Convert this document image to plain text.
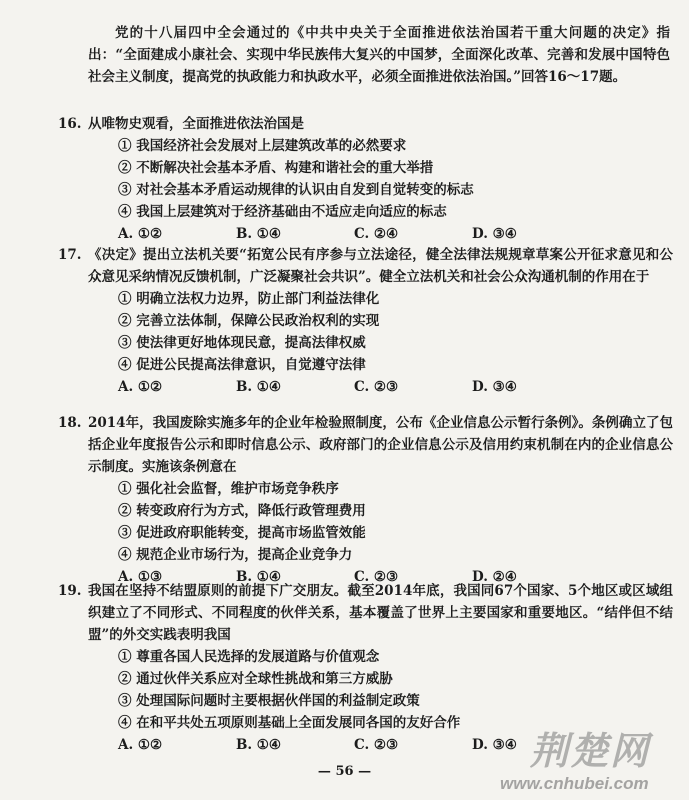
党的十八届四中全会通过的《中共中央关于全面推进依法治国若干重大问题的决定》指出：“全面建成小康社会、实现中华民族伟大复兴的中国梦，全面深化改革、完善和发展中国特色社会主义制度，提高党的执政能力和执政水平，必须全面推进依法治国。”回答16～17题。

16. 从唯物史观看，全面推进依法治国是
① 我国经济社会发展对上层建筑改革的必然要求
② 不断解决社会基本矛盾、构建和谐社会的重大举措
③ 对社会基本矛盾运动规律的认识由自发到自觉转变的标志
④ 我国上层建筑对于经济基础由不适应走向适应的标志
A. ①②	B. ①④	C. ②④	D. ③④
17. 《决定》提出立法机关要“拓宽公民有序参与立法途径，健全法律法规规章草案公开征求意见和公众意见采纳情况反馈机制，广泛凝聚社会共识”。健全立法机关和社会公众沟通机制的作用在于
① 明确立法权力边界，防止部门利益法律化
② 完善立法体制，保障公民政治权利的实现
③ 使法律更好地体现民意，提高法律权威
④ 促进公民提高法律意识，自觉遵守法律
A. ①②	B. ①④	C. ②③	D. ③④
18. 2014年，我国废除实施多年的企业年检验照制度，公布《企业信息公示暂行条例》。条例确立了包括企业年度报告公示和即时信息公示、政府部门的企业信息公示及信用约束机制在内的企业信息公示制度。实施该条例意在
① 强化社会监督，维护市场竞争秩序
② 转变政府行为方式，降低行政管理费用
③ 促进政府职能转变，提高市场监管效能
④ 规范企业市场行为，提高企业竞争力
A. ①③	B. ①④	C. ②③	D. ②④
19. 我国在坚持不结盟原则的前提下广交朋友。截至2014年底，我国同67个国家、5个地区或区域组织建立了不同形式、不同程度的伙伴关系，基本覆盖了世界上主要国家和重要地区。“结伴但不结盟”的外交实践表明我国
① 尊重各国人民选择的发展道路与价值观念
② 通过伙伴关系应对全球性挑战和第三方威胁
③ 处理国际问题时主要根据伙伴国的利益制定政策
④ 在和平共处五项原则基础上全面发展同各国的友好合作
A. ①②	B. ①④	C. ②③	D. ③④
— 56 —	荆楚网
www.cnhubei.com
